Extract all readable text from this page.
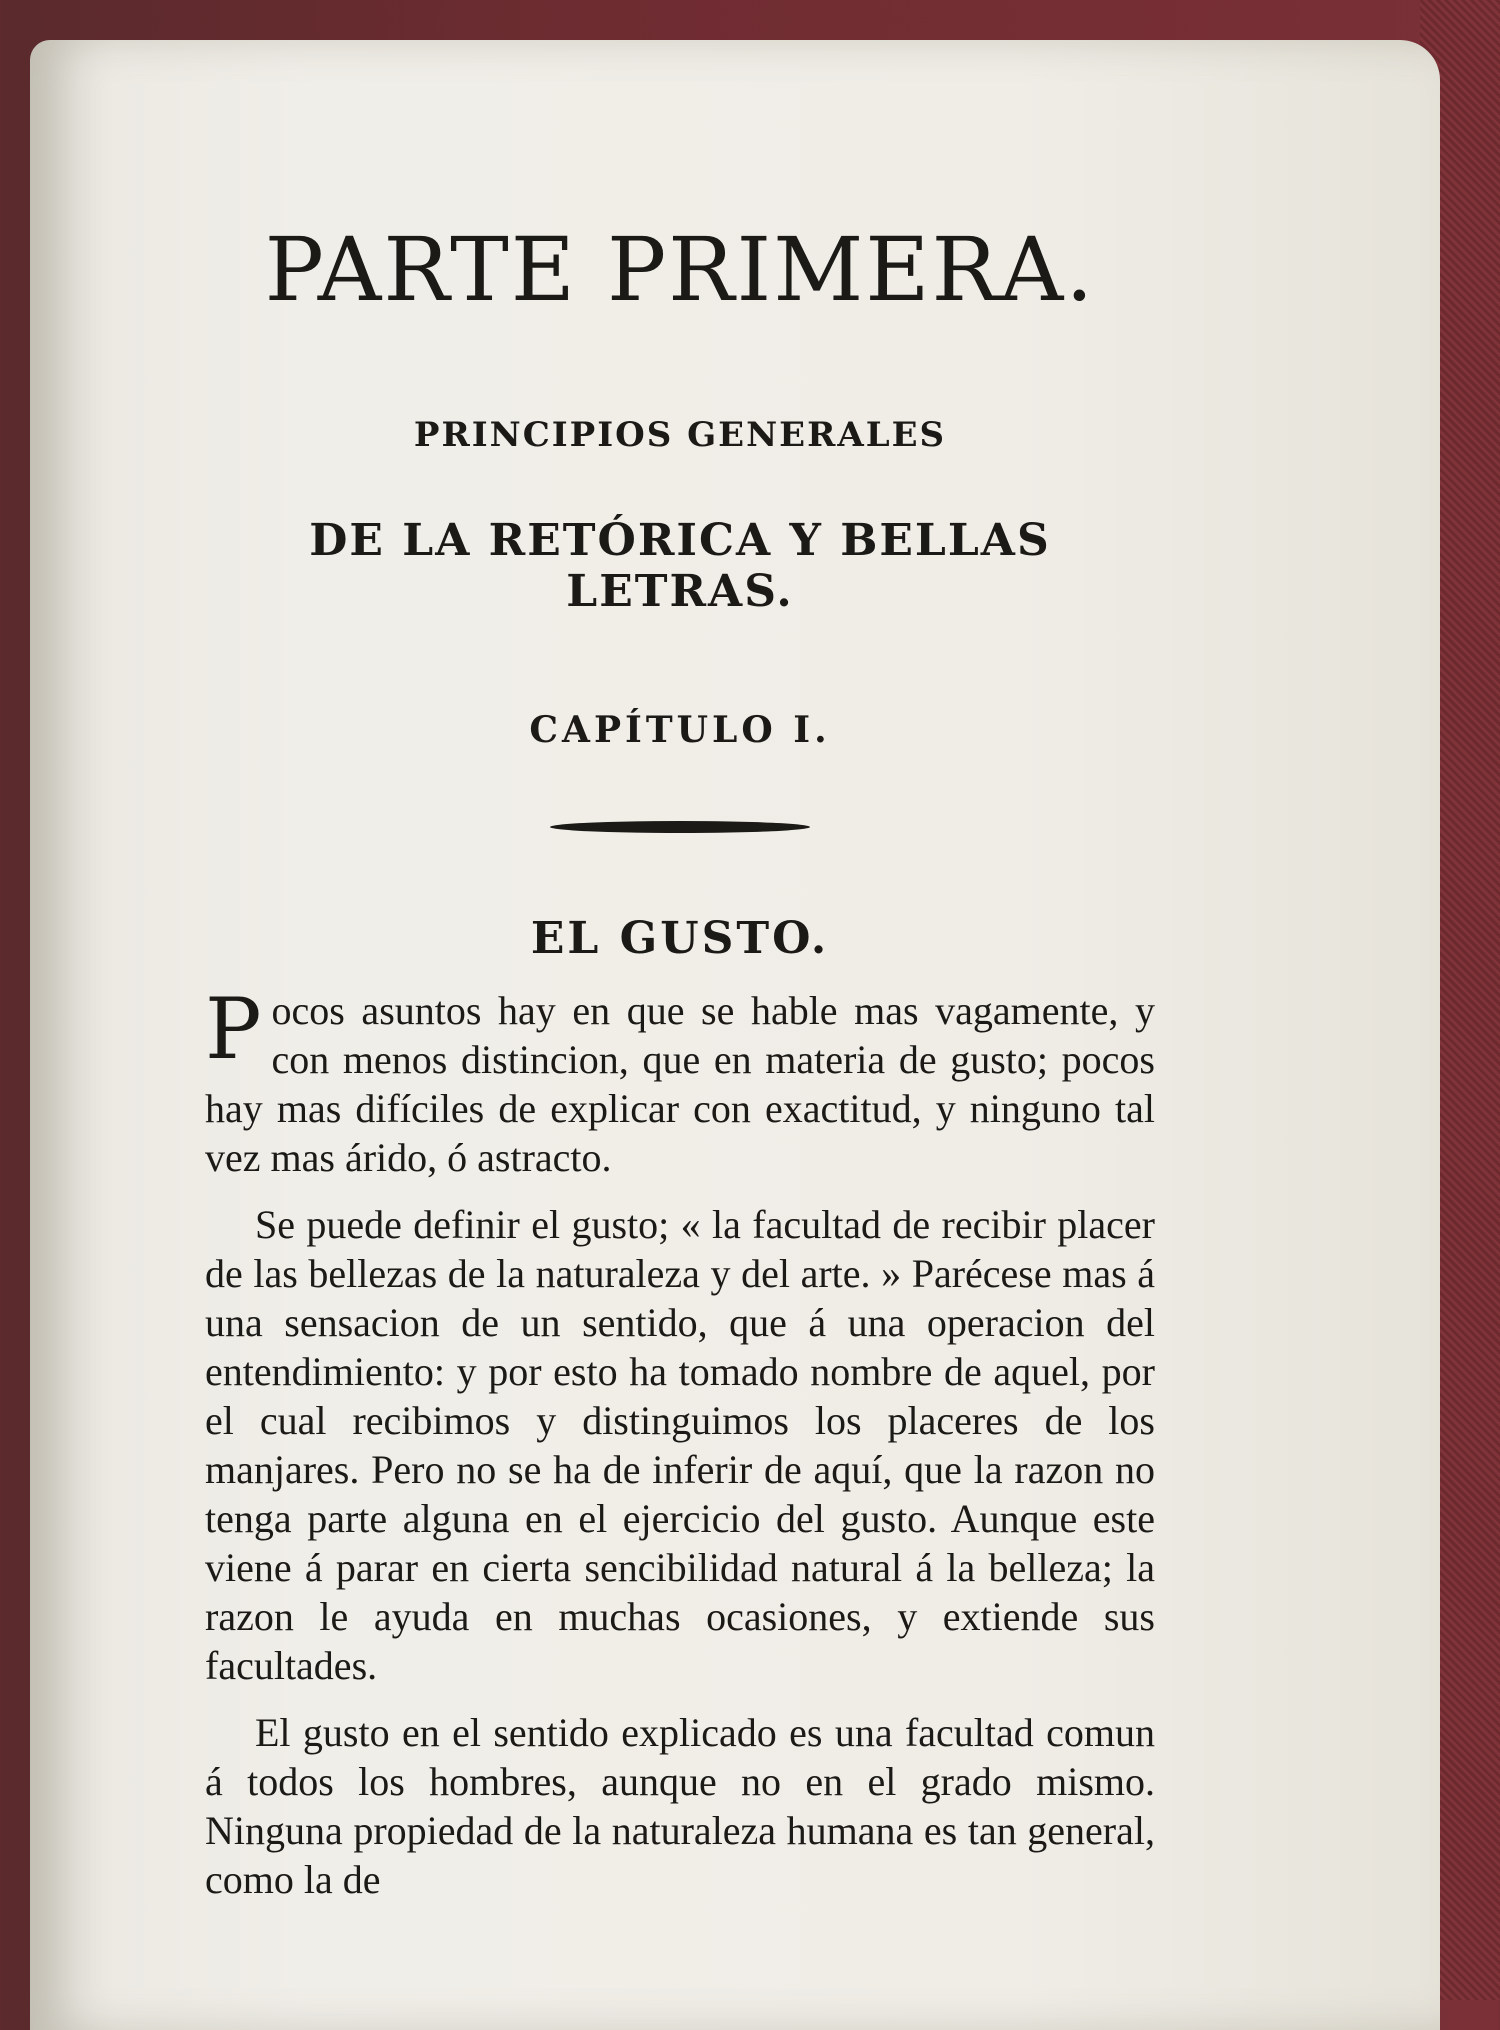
PARTE PRIMERA.
PRINCIPIOS GENERALES
DE LA RETÓRICA Y BELLAS LETRAS.
CAPÍTULO I.
EL GUSTO.

Pocos asuntos hay en que se hable mas vagamente, y con menos distincion, que en materia de gusto; pocos hay mas difíciles de explicar con exactitud, y ninguno tal vez mas árido, ó astracto.

Se puede definir el gusto; « la facultad de recibir placer de las bellezas de la naturaleza y del arte. » Parécese mas á una sensacion de un sentido, que á una operacion del entendimiento: y por esto ha tomado nombre de aquel, por el cual recibimos y distinguimos los placeres de los manjares. Pero no se ha de inferir de aquí, que la razon no tenga parte alguna en el ejercicio del gusto. Aunque este viene á parar en cierta sencibilidad natural á la belleza; la razon le ayuda en muchas ocasiones, y extiende sus facultades.

El gusto en el sentido explicado es una facultad comun á todos los hombres, aunque no en el grado mismo. Ninguna propiedad de la naturaleza humana es tan general, como la de
